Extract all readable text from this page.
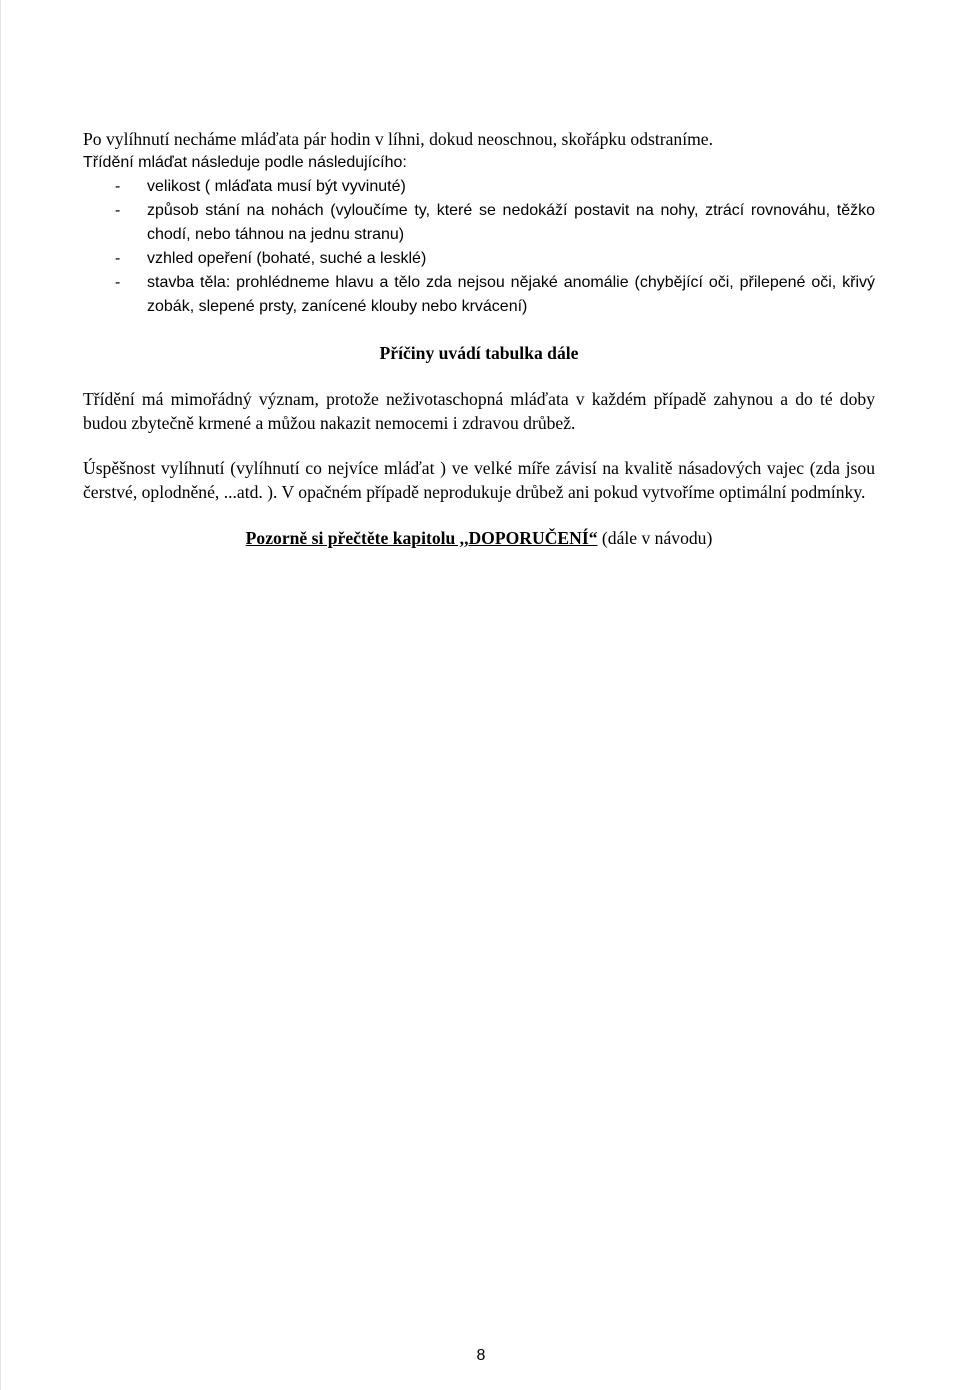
Po vylíhnutí necháme mláďata pár hodin v líhni, dokud neoschnou, skořápku odstraníme.

Třídění mláďat následuje podle následujícího:

- velikost ( mláďata musí být vyvinuté)
- způsob stání na nohách (vyloučíme ty, které se nedokáží postavit na nohy, ztrácí rovnováhu, těžko chodí, nebo táhnou na jednu stranu)
- vzhled opeření (bohaté, suché a lesklé)
- stavba těla: prohlédneme hlavu a tělo zda nejsou nějaké anomálie (chybějící oči, přilepené oči, křivý zobák, slepené prsty, zanícené klouby nebo krvácení)

Příčiny uvádí tabulka dále

Třídění má mimořádný význam, protože neživotaschopná mláďata v každém případě zahynou a do té doby budou zbytečně krmené a můžou nakazit nemocemi i zdravou drůbež.

Úspěšnost vylíhnutí (vylíhnutí co nejvíce mláďat ) ve velké míře závisí na kvalitě násadových vajec (zda jsou čerstvé, oplodněné, ...atd. ). V opačném případě neprodukuje drůbež ani pokud vytvoříme optimální podmínky.

Pozorně si přečtěte kapitolu ,,DOPORUČENÍ“ (dále v návodu)

8
